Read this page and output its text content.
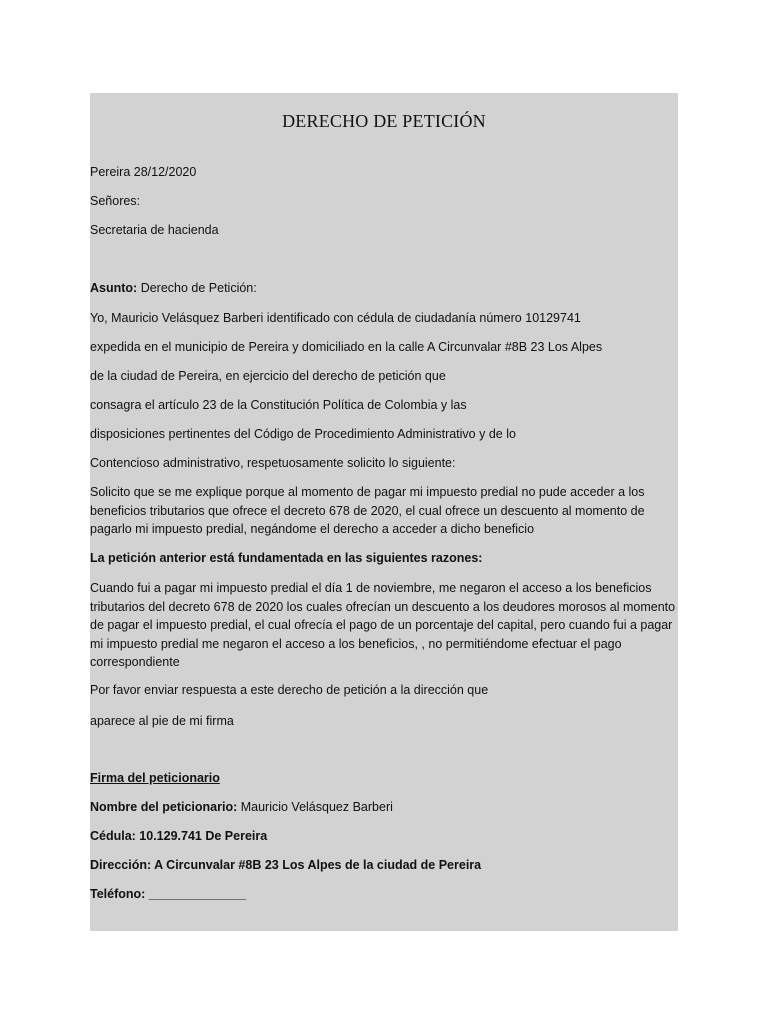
DERECHO DE PETICIÓN
Pereira 28/12/2020
Señores:
Secretaria de hacienda
Asunto: Derecho de Petición:
Yo, Mauricio Velásquez Barberi identificado con cédula de ciudadanía número 10129741
expedida en el municipio de Pereira y domiciliado en la calle A Circunvalar #8B 23 Los Alpes
de la ciudad de Pereira, en ejercicio del derecho de petición que
consagra el artículo 23 de la Constitución Política de Colombia y las
disposiciones pertinentes del Código de Procedimiento Administrativo y de lo
Contencioso administrativo, respetuosamente solicito lo siguiente:
Solicito que se me explique porque al momento de pagar mi impuesto predial no pude acceder a los beneficios tributarios que ofrece el decreto 678 de 2020, el cual ofrece un descuento al momento de pagarlo mi impuesto predial, negándome el derecho a acceder a dicho beneficio
La petición anterior está fundamentada en las siguientes razones:
Cuando fui a pagar mi impuesto predial el día 1 de noviembre, me negaron el acceso a los beneficios tributarios del decreto 678 de 2020 los cuales ofrecían un descuento a los deudores morosos al momento de pagar el impuesto predial, el cual ofrecía el pago de un porcentaje del capital, pero cuando fui a pagar mi impuesto predial me negaron el acceso a los beneficios, , no permitiéndome efectuar el pago correspondiente
Por favor enviar respuesta a este derecho de petición a la dirección que
aparece al pie de mi firma
Firma del peticionario
Nombre del peticionario: Mauricio Velásquez Barberi
Cédula: 10.129.741 De Pereira
Dirección: A Circunvalar #8B 23 Los Alpes de la ciudad de Pereira
Teléfono: ______________
